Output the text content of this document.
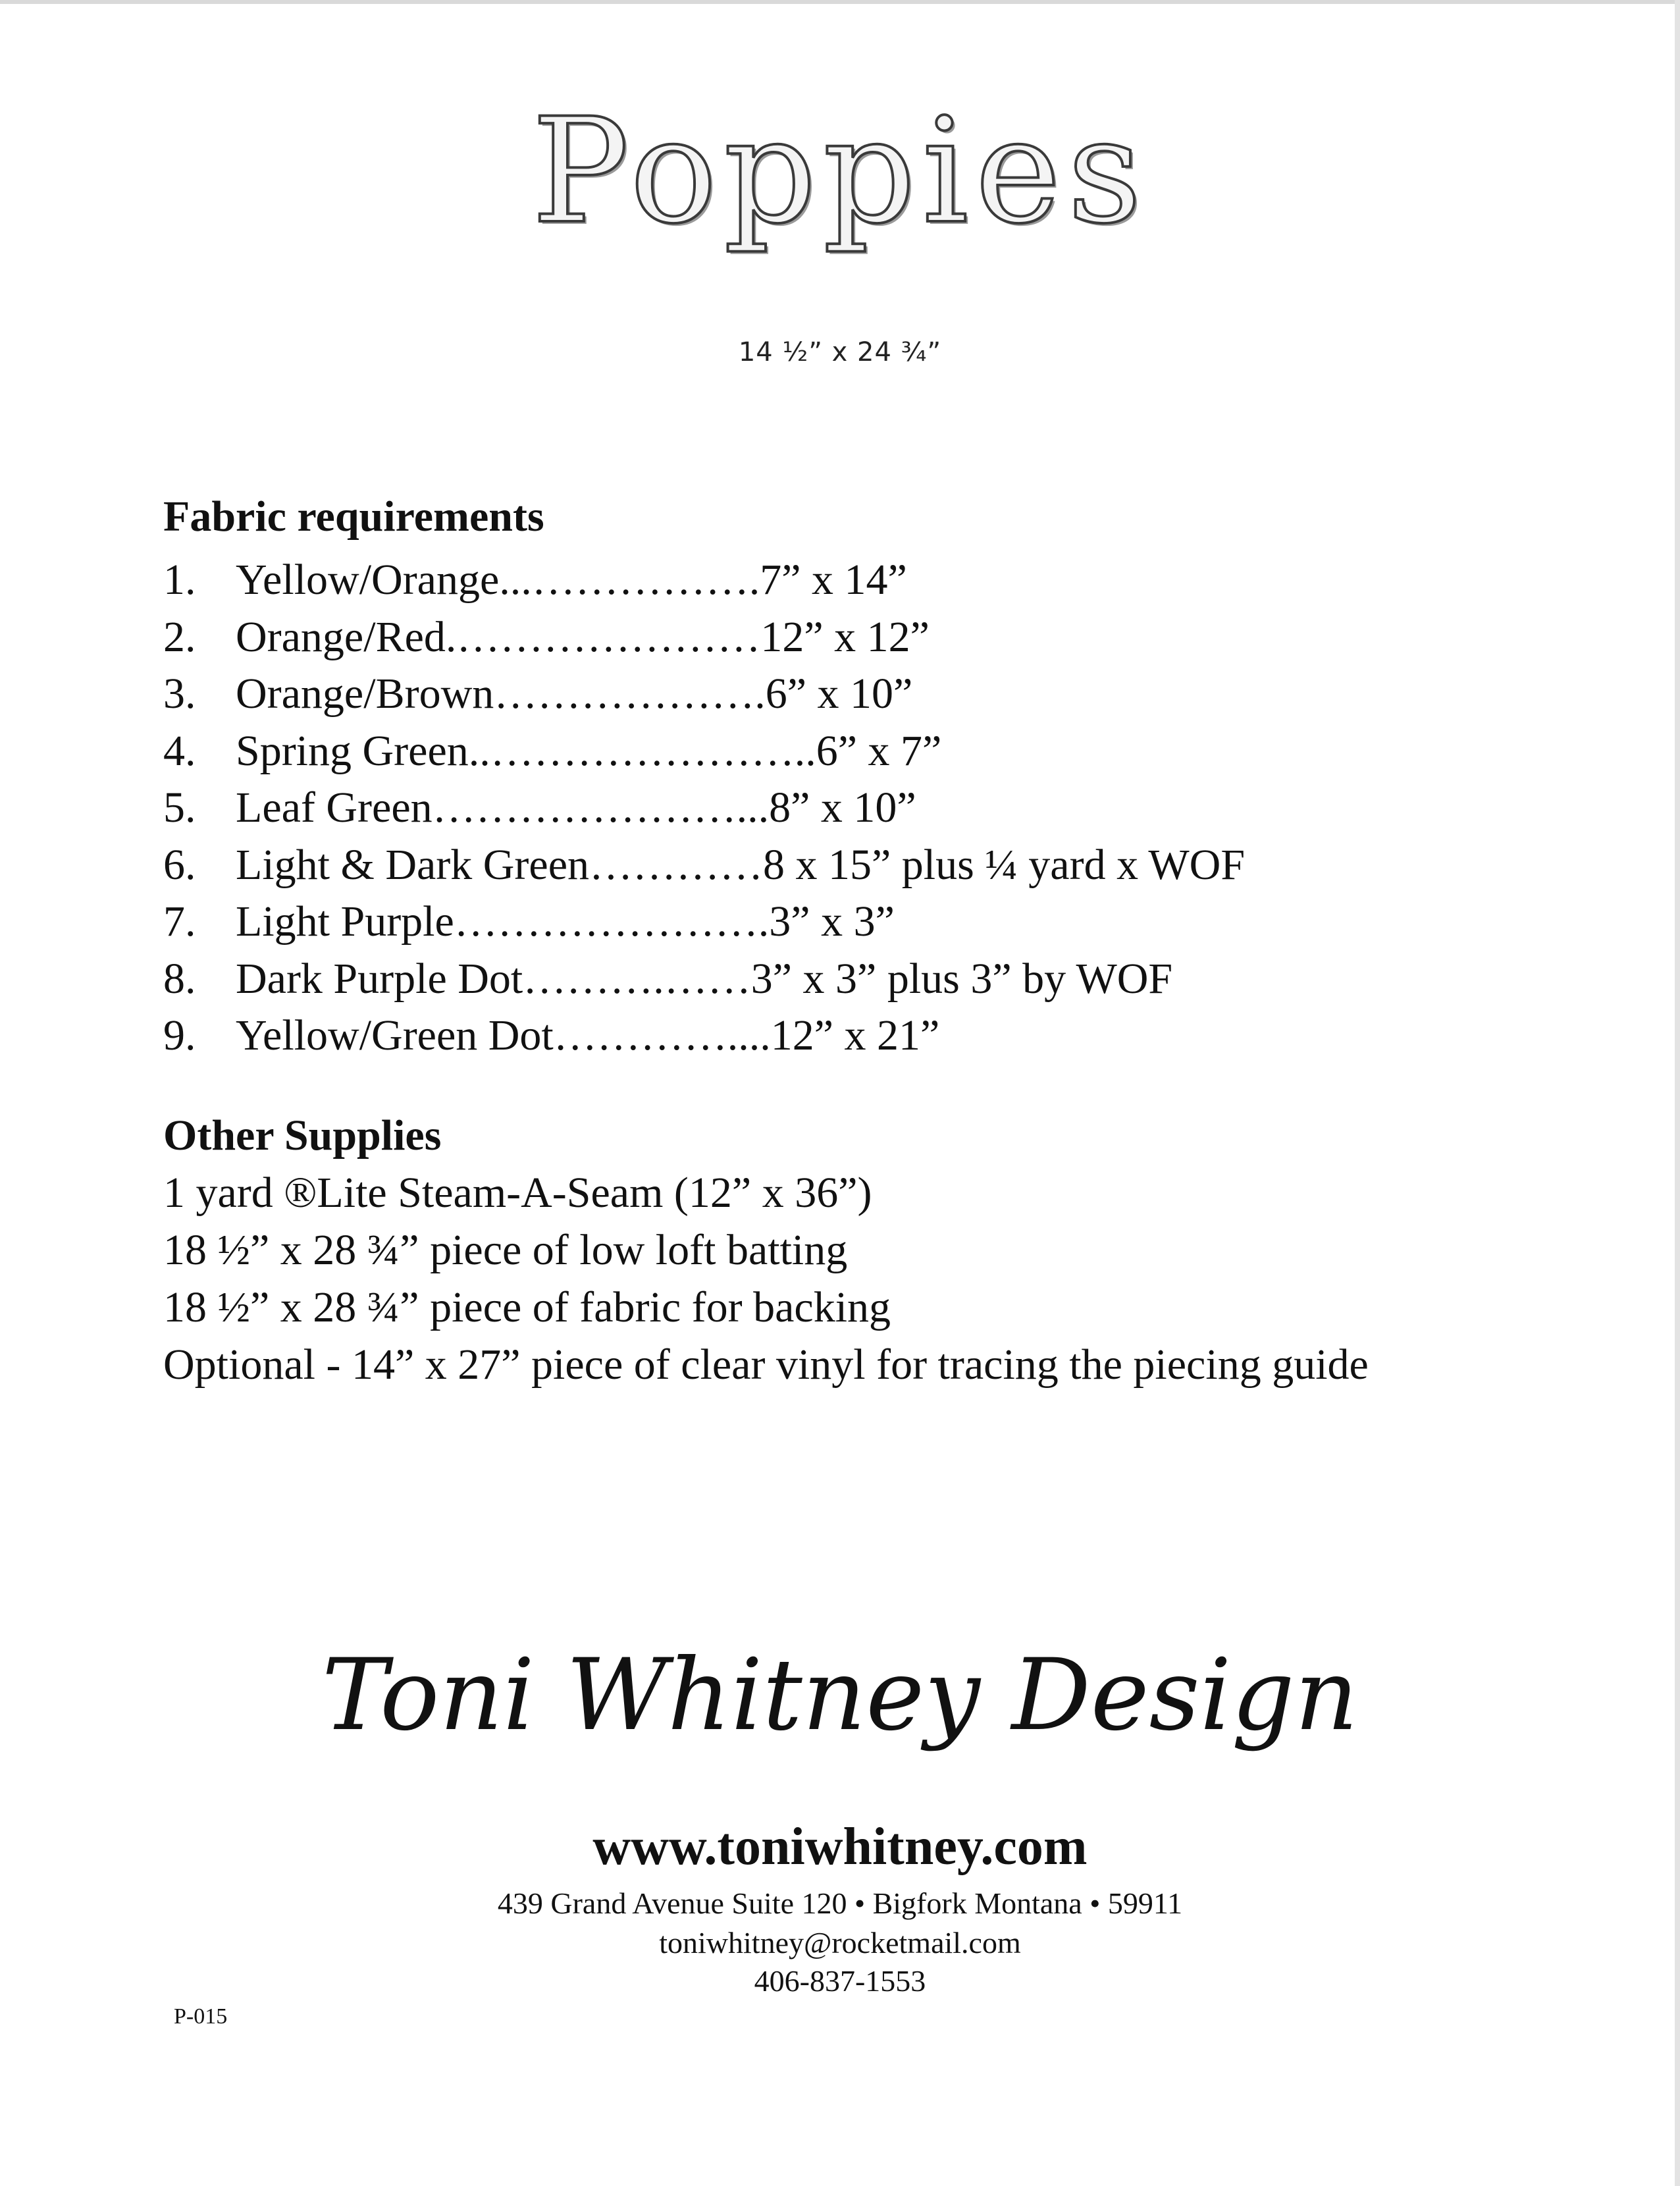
Poppies
14 ½” x 24 ¾”
Fabric requirements
1. Yellow/Orange...…………….7” x 14”
2. Orange/Red.…………………12” x 12”
3. Orange/Brown……………….6” x 10”
4. Spring Green..…………………..6” x 7”
5. Leaf Green…………………...8” x 10”
6. Light & Dark Green…………8 x 15” plus ¼ yard x WOF
7. Light Purple………………….3” x 3”
8. Dark Purple Dot……….……3” x 3” plus 3” by WOF
9. Yellow/Green Dot…………....12” x 21”
Other Supplies
1 yard ®Lite Steam-A-Seam (12” x 36”)
18 ½” x 28 ¾” piece of low loft batting
18 ½” x 28 ¾” piece of fabric for backing
Optional - 14” x 27” piece of clear vinyl for tracing the piecing guide
Toni Whitney Design
www.toniwhitney.com
439 Grand Avenue Suite 120 • Bigfork Montana • 59911
toniwhitney@rocketmail.com
406-837-1553
P-015
